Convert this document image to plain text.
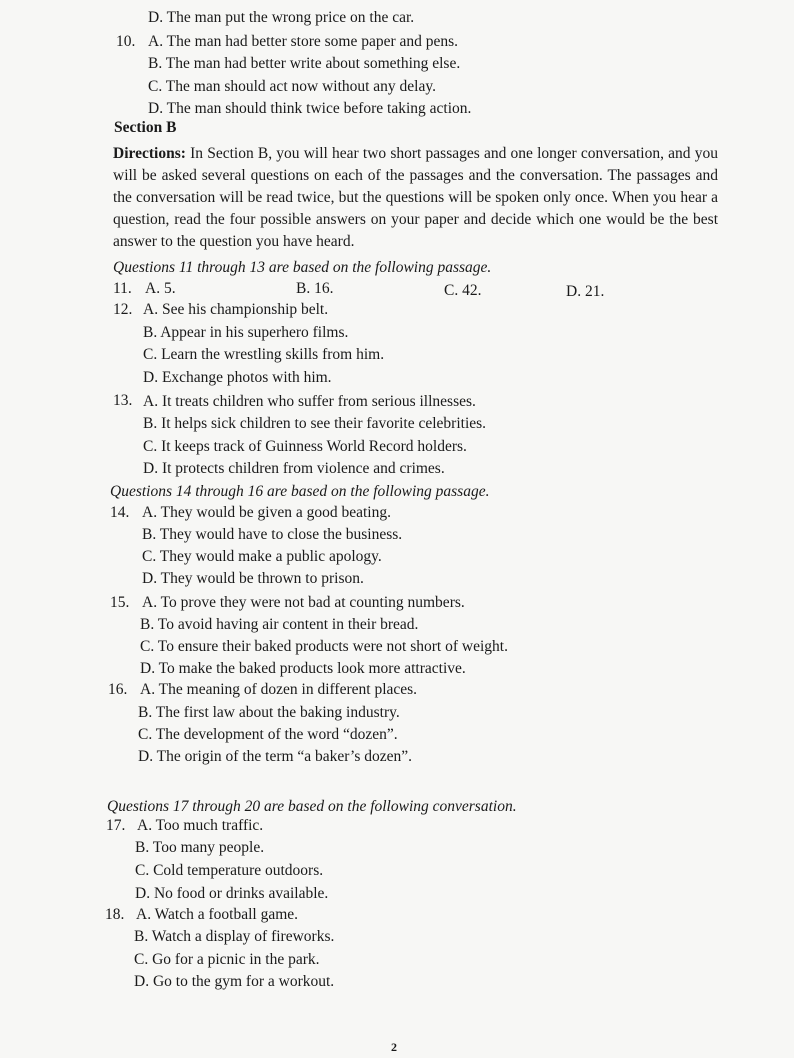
D. The man put the wrong price on the car.
10. A. The man had better store some paper and pens.
B. The man had better write about something else.
C. The man should act now without any delay.
D. The man should think twice before taking action.
Section B
Directions: In Section B, you will hear two short passages and one longer conversation, and you will be asked several questions on each of the passages and the conversation. The passages and the conversation will be read twice, but the questions will be spoken only once. When you hear a question, read the four possible answers on your paper and decide which one would be the best answer to the question you have heard.
Questions 11 through 13 are based on the following passage.
11. A. 5.	B. 16.	C. 42.	D. 21.
12. A. See his championship belt.
B. Appear in his superhero films.
C. Learn the wrestling skills from him.
D. Exchange photos with him.
13. A. It treats children who suffer from serious illnesses.
B. It helps sick children to see their favorite celebrities.
C. It keeps track of Guinness World Record holders.
D. It protects children from violence and crimes.
Questions 14 through 16 are based on the following passage.
14. A. They would be given a good beating.
B. They would have to close the business.
C. They would make a public apology.
D. They would be thrown to prison.
15. A. To prove they were not bad at counting numbers.
B. To avoid having air content in their bread.
C. To ensure their baked products were not short of weight.
D. To make the baked products look more attractive.
16. A. The meaning of dozen in different places.
B. The first law about the baking industry.
C. The development of the word “dozen”.
D. The origin of the term “a baker’s dozen”.
Questions 17 through 20 are based on the following conversation.
17. A. Too much traffic.
B. Too many people.
C. Cold temperature outdoors.
D. No food or drinks available.
18. A. Watch a football game.
B. Watch a display of fireworks.
C. Go for a picnic in the park.
D. Go to the gym for a workout.
2
